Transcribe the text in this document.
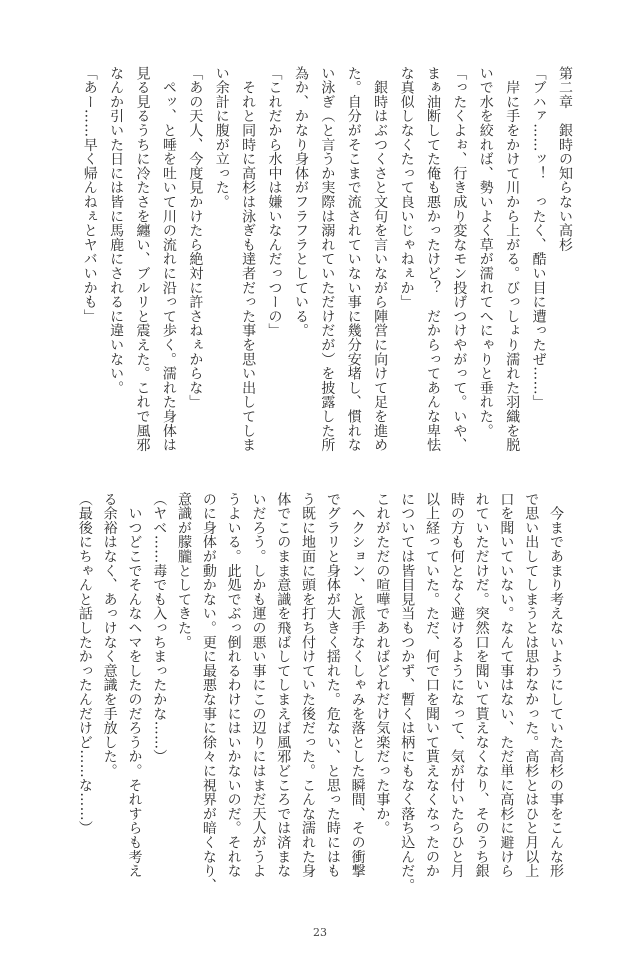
第二章　銀時の知らない高杉
「ブハァ……ッ！　ったく、酷い目に遭ったぜ……」
　岸に手をかけて川から上がる。びっしょり濡れた羽織を脱
いで水を絞れば、勢いよく草が濡れてへにゃりと垂れた。
「ったくよぉ、行き成り変なモン投げつけやがって。いや、
まぁ油断してた俺も悪かったけど？　だからってあんな卑怯
な真似しなくたって良いじゃねぇか」
　銀時はぶつくさと文句を言いながら陣営に向けて足を進め
た。自分がそこまで流されていない事に幾分安堵し、慣れな
い泳ぎ（と言うか実際は溺れていただけだが）を披露した所
為か、かなり身体がフラフラとしている。
「これだから水中は嫌いなんだっつーの」
　それと同時に高杉は泳ぎも達者だった事を思い出してしま
い余計に腹が立った。
「あの天人、今度見かけたら絶対に許さねぇからな」
　ペッ、と唾を吐いて川の流れに沿って歩く。濡れた身体は
見る見るうちに冷たさを纏い、ブルリと震えた。これで風邪
なんか引いた日には皆に馬鹿にされるに違いない。
「あー……早く帰んねぇとヤバいかも」
　今まであまり考えないようにしていた高杉の事をこんな形
で思い出してしまうとは思わなかった。高杉とはひと月以上
口を聞いていない。なんて事はない、ただ単に高杉に避けら
れていただけだ。突然口を聞いて貰えなくなり、そのうち銀
時の方も何となく避けるようになって、気が付いたらひと月
以上経っていた。ただ、何で口を聞いて貰えなくなったのか
については皆目見当もつかず、暫くは柄にもなく落ち込んだ。
これがただの喧嘩であればどれだけ気楽だった事か。
　ヘクション、と派手なくしゃみを落とした瞬間、その衝撃
でグラリと身体が大きく揺れた。危ない、と思った時にはも
う既に地面に頭を打ち付けていた後だった。こんな濡れた身
体でこのまま意識を飛ばしてしまえば風邪どころでは済まな
いだろう。しかも運の悪い事にこの辺りにはまだ天人がうよ
うよいる。此処でぶっ倒れるわけにはいかないのだ。それな
のに身体が動かない。更に最悪な事に徐々に視界が暗くなり、
意識が朦朧としてきた。
（ヤベ……毒でも入っちまったかな……）
　いつどこでそんなヘマをしたのだろうか。それすらも考え
る余裕はなく、あっけなく意識を手放した。
（最後にちゃんと話したかったんだけど……な……）
23
